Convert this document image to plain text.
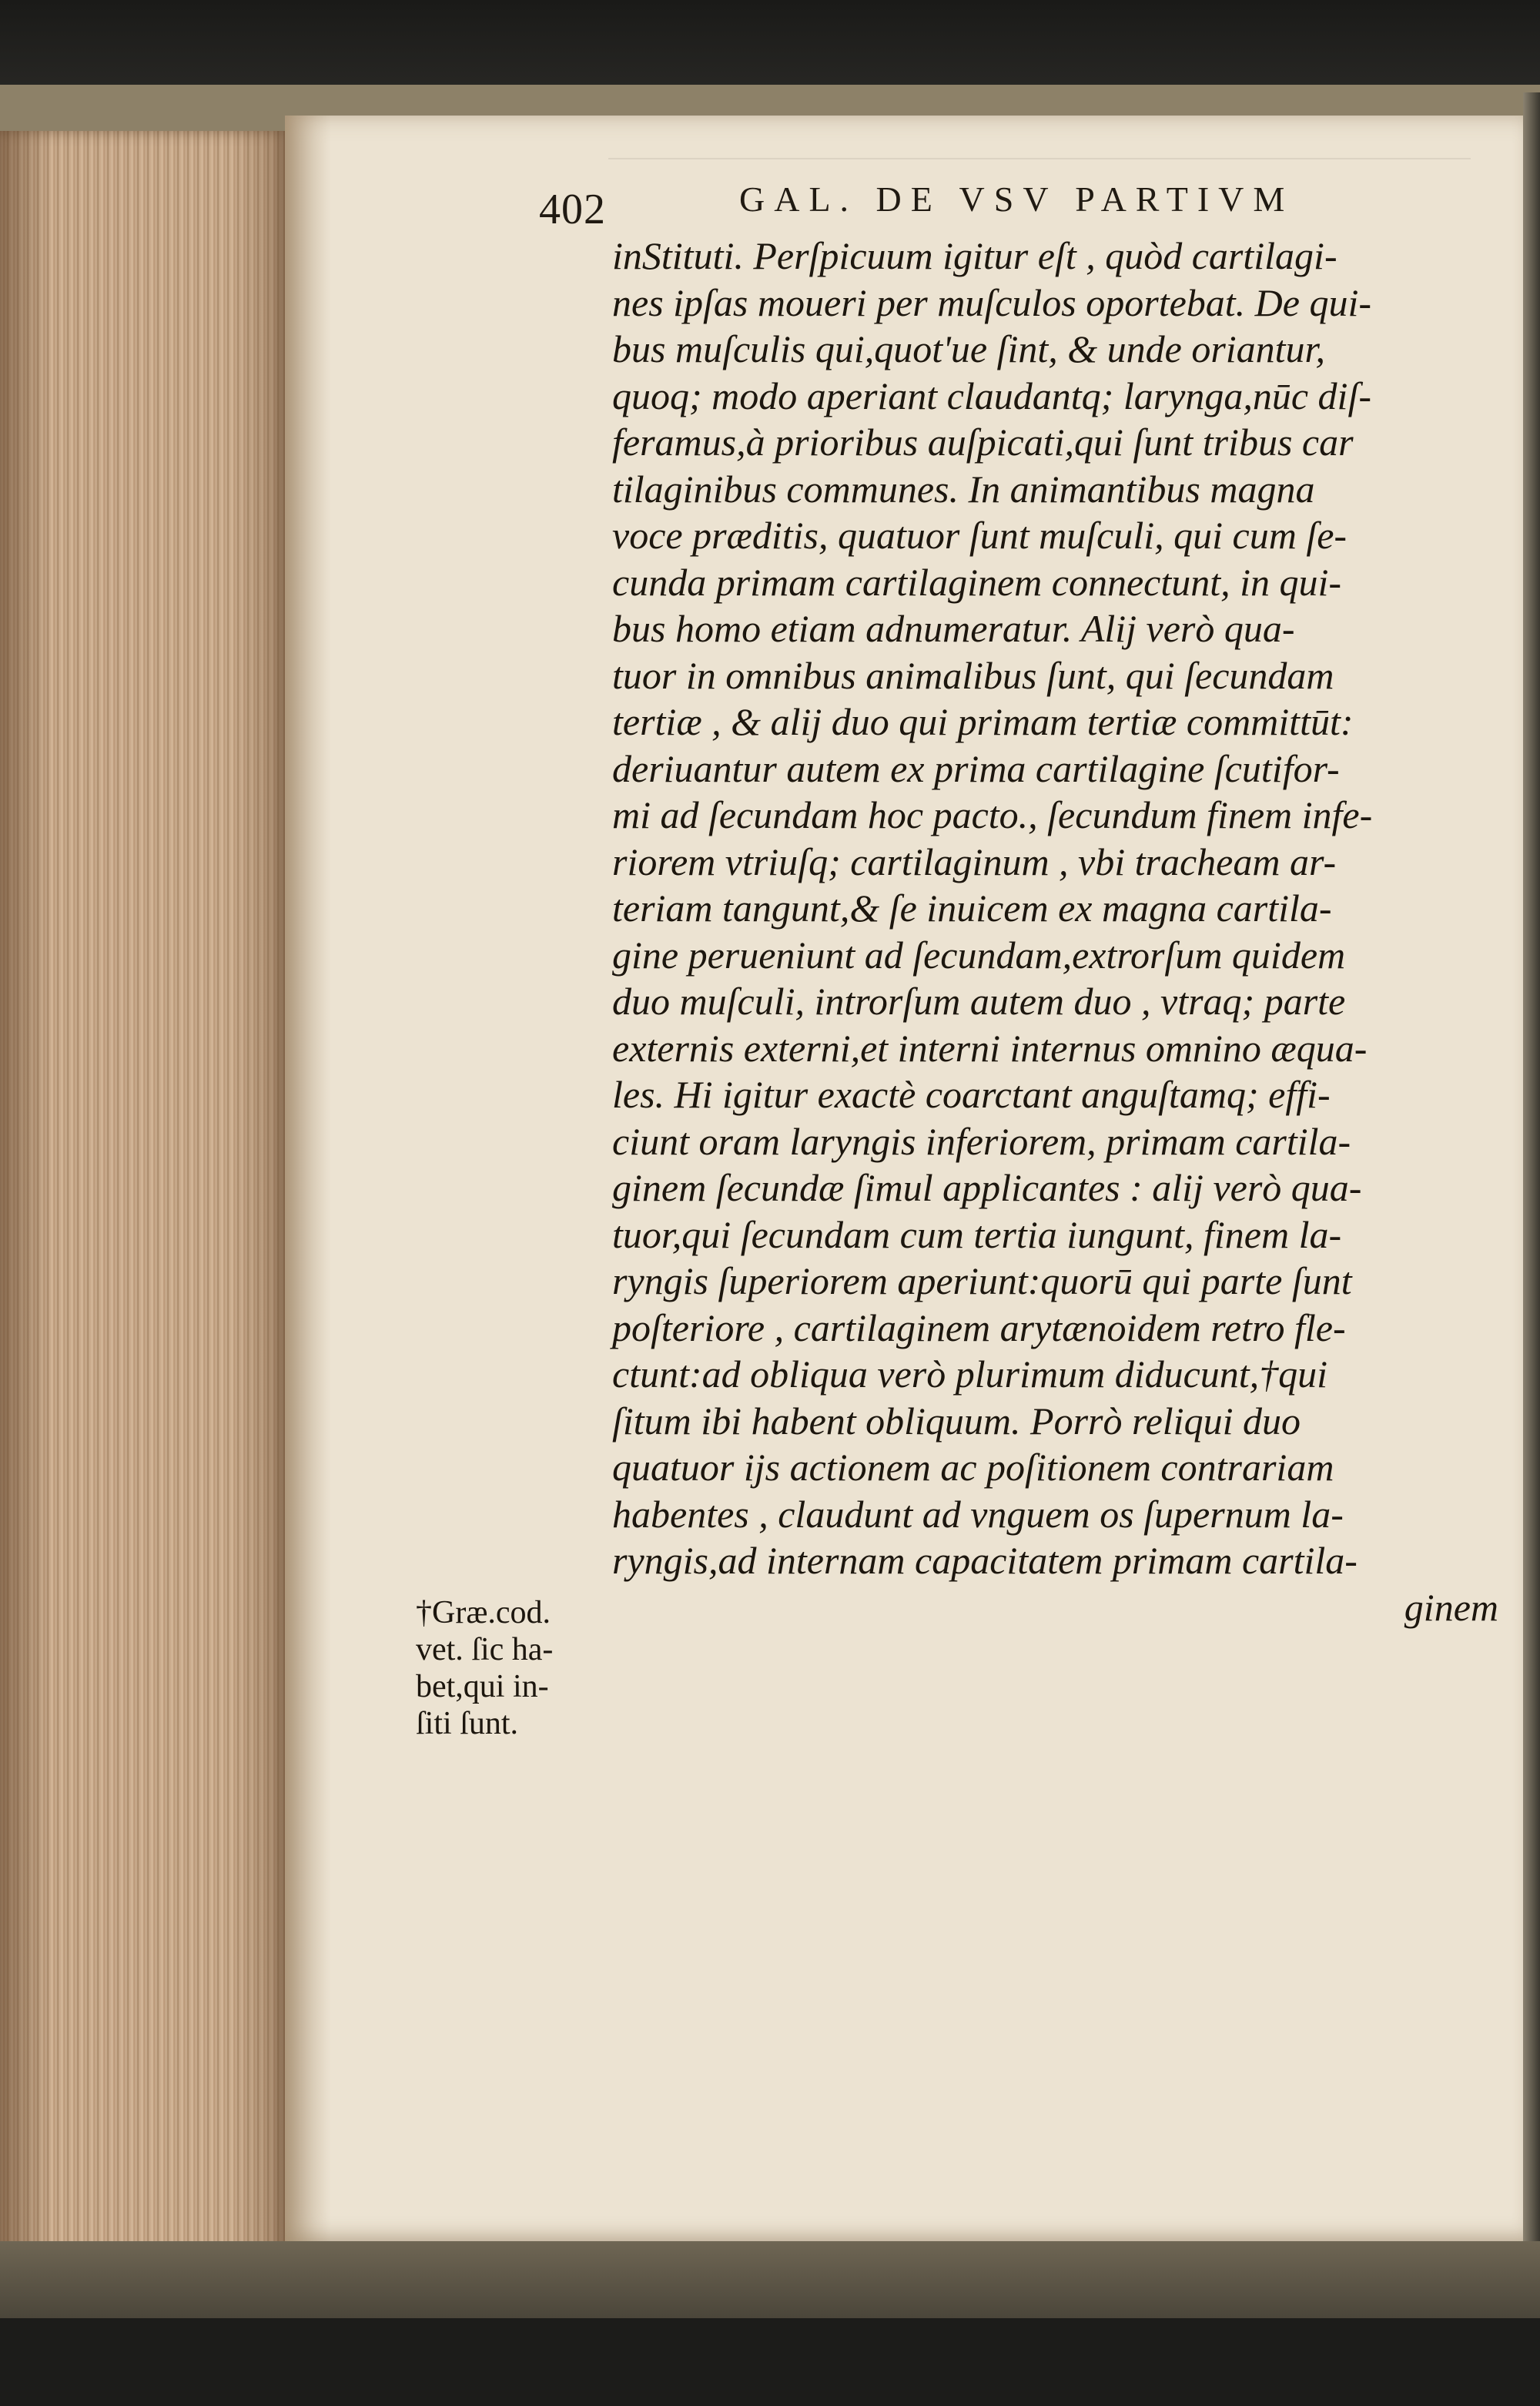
402	GAL. DE VSV PARTIVM
inStituti. Perſpicuum igitur eſt , quòd cartilagi-
nes ipſas moueri per muſculos oportebat. De qui-
bus muſculis qui,quot'ue ſint, & unde oriantur,
quoq; modo aperiant claudantq; larynga,nūc diſ-
feramus,à prioribus auſpicati,qui ſunt tribus car
tilaginibus communes. In animantibus magna
voce præditis, quatuor ſunt muſculi, qui cum ſe-
cunda primam cartilaginem connectunt, in qui-
bus homo etiam adnumeratur. Alij verò qua-
tuor in omnibus animalibus ſunt, qui ſecundam
tertiæ , & alij duo qui primam tertiæ committūt:
deriuantur autem ex prima cartilagine ſcutifor-
mi ad ſecundam hoc pacto., ſecundum finem infe-
riorem vtriuſq; cartilaginum , vbi tracheam ar-
teriam tangunt,& ſe inuicem ex magna cartila-
gine perueniunt ad ſecundam,extrorſum quidem
duo muſculi, introrſum autem duo , vtraq; parte
externis externi,et interni internus omnino æqua-
les. Hi igitur exactè coarctant anguſtamq; effi-
ciunt oram laryngis inferiorem, primam cartila-
ginem ſecundæ ſimul applicantes : alij verò qua-
tuor,qui ſecundam cum tertia iungunt, finem la-
ryngis ſuperiorem aperiunt:quorū qui parte ſunt
poſteriore , cartilaginem arytænoidem retro fle-
ctunt:ad obliqua verò plurimum diducunt,†qui
ſitum ibi habent obliquum. Porrò reliqui duo
quatuor ijs actionem ac poſitionem contrariam
habentes , claudunt ad vnguem os ſupernum la-
ryngis,ad internam capacitatem primam cartila-
ginem
†Græ.cod.
vet. ſic ha-
bet,qui in-
ſiti ſunt.
